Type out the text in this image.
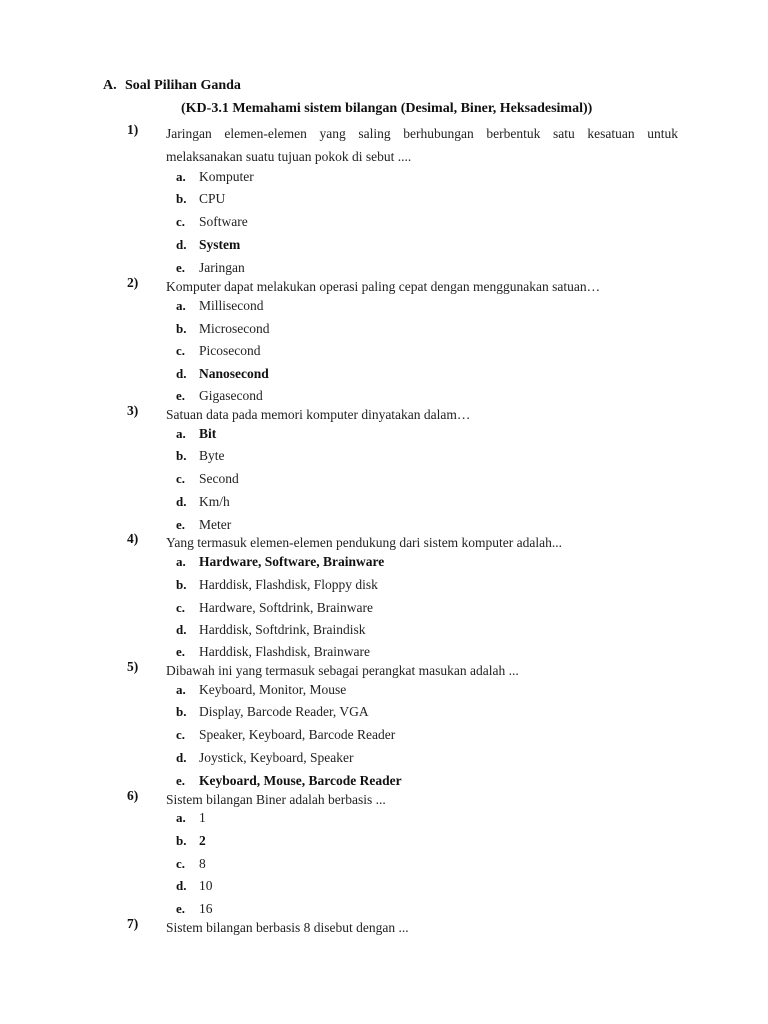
A. Soal Pilihan Ganda
(KD-3.1 Memahami sistem bilangan (Desimal, Biner, Heksadesimal))
1) Jaringan elemen-elemen yang saling berhubungan berbentuk satu kesatuan untuk melaksanakan suatu tujuan pokok di sebut ....
a. Komputer
b. CPU
c. Software
d. System
e. Jaringan
2) Komputer dapat melakukan operasi paling cepat dengan menggunakan satuan…
a. Millisecond
b. Microsecond
c. Picosecond
d. Nanosecond
e. Gigasecond
3) Satuan data pada memori komputer dinyatakan dalam…
a. Bit
b. Byte
c. Second
d. Km/h
e. Meter
4) Yang termasuk elemen-elemen pendukung dari sistem komputer adalah...
a. Hardware, Software, Brainware
b. Harddisk, Flashdisk, Floppy disk
c. Hardware, Softdrink, Brainware
d. Harddisk, Softdrink, Braindisk
e. Harddisk, Flashdisk, Brainware
5) Dibawah ini yang termasuk sebagai perangkat masukan adalah ...
a. Keyboard, Monitor, Mouse
b. Display, Barcode Reader, VGA
c. Speaker, Keyboard, Barcode Reader
d. Joystick, Keyboard, Speaker
e. Keyboard, Mouse, Barcode Reader
6) Sistem bilangan Biner adalah berbasis ...
a. 1
b. 2
c. 8
d. 10
e. 16
7) Sistem bilangan berbasis 8 disebut dengan ...
